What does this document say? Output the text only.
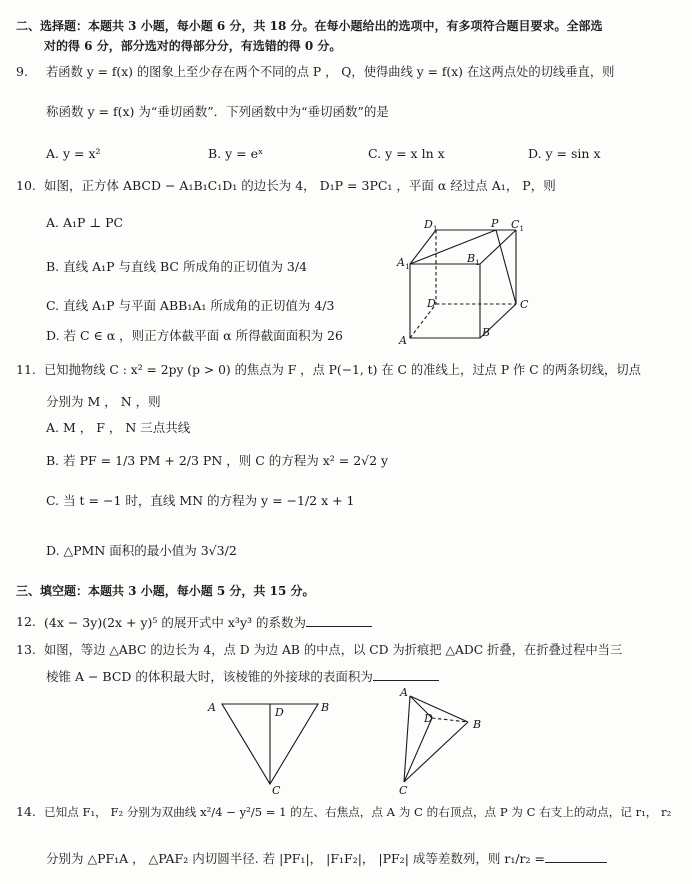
二、选择题：本题共 3 小题，每小题 6 分，共 18 分。在每小题给出的选项中，有多项符合题目要求。全部选
对的得 6 分，部分选对的得部分分，有选错的得 0 分。
9. 若函数 y = f(x) 的图象上至少存在两个不同的点 P ， Q，使得曲线 y = f(x) 在这两点处的切线垂直，则
称函数 y = f(x) 为“垂切函数”．下列函数中为“垂切函数”的是
A. y = x²	B. y = eˣ	C. y = x ln x	D. y = sin x
10. 如图，正方体 ABCD − A₁B₁C₁D₁ 的边长为 4， D₁P = 3PC₁ ，平面 α 经过点 A₁， P，则
A. A₁P ⊥ PC
B. 直线 A₁P 与直线 BC 所成角的正切值为 3/4
C. 直线 A₁P 与平面 ABB₁A₁ 所成角的正切值为 4/3
D. 若 C ∈ α ，则正方体截平面 α 所得截面面积为 26
$A_1$
$D_1$	P $C_1$
$B_1$
D	C
B
A
11. 已知抛物线 C : x² = 2py (p > 0) 的焦点为 F ，点 P(−1, t) 在 C 的准线上，过点 P 作 C 的两条切线，切点
分别为 M ， N ，则
A. M ， F ， N 三点共线
B. 若 PF = 1/3 PM + 2/3 PN ，则 C 的方程为 x² = 2√2 y
C. 当 t = −1 时，直线 MN 的方程为 y = −1/2 x + 1
D. △PMN 面积的最小值为 3√3/2
三、填空题：本题共 3 小题，每小题 5 分，共 15 分。
12. (4x − 3y)(2x + y)⁵ 的展开式中 x³y³ 的系数为
13. 如图，等边 △ABC 的边长为 4，点 D 为边 AB 的中点，以 CD 为折痕把 △ADC 折叠，在折叠过程中当三
棱锥 A − BCD 的体积最大时，该棱锥的外接球的表面积为
A	D	B
C
A
D	B
C
14. 已知点 F₁， F₂ 分别为双曲线 x²/4 − y²/5 = 1 的左、右焦点，点 A 为 C 的右顶点，点 P 为 C 右支上的动点，记 r₁， r₂
分别为 △PF₁A ， △PAF₂ 内切圆半径. 若 |PF₁|， |F₁F₂|， |PF₂| 成等差数列，则 r₁/r₂ =
